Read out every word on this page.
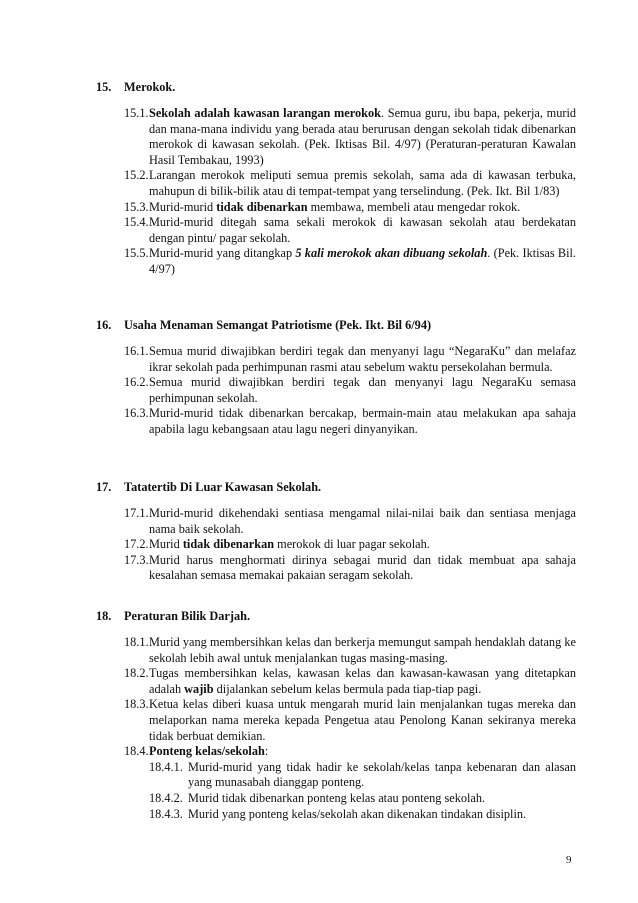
15. Merokok.
15.1. Sekolah adalah kawasan larangan merokok. Semua guru, ibu bapa, pekerja, murid dan mana-mana individu yang berada atau berurusan dengan sekolah tidak dibenarkan merokok di kawasan sekolah. (Pek. Iktisas Bil. 4/97) (Peraturan-peraturan Kawalan Hasil Tembakau, 1993)
15.2. Larangan merokok meliputi semua premis sekolah, sama ada di kawasan terbuka, mahupun di bilik-bilik atau di tempat-tempat yang terselindung. (Pek. Ikt. Bil 1/83)
15.3. Murid-murid tidak dibenarkan membawa, membeli atau mengedar rokok.
15.4. Murid-murid ditegah sama sekali merokok di kawasan sekolah atau berdekatan dengan pintu/ pagar sekolah.
15.5. Murid-murid yang ditangkap 5 kali merokok akan dibuang sekolah. (Pek. Iktisas Bil. 4/97)
16. Usaha Menaman Semangat Patriotisme (Pek. Ikt. Bil 6/94)
16.1. Semua murid diwajibkan berdiri tegak dan menyanyi lagu “NegaraKu” dan melafaz ikrar sekolah pada perhimpunan rasmi atau sebelum waktu persekolahan bermula.
16.2. Semua murid diwajibkan berdiri tegak dan menyanyi lagu NegaraKu semasa perhimpunan sekolah.
16.3. Murid-murid tidak dibenarkan bercakap, bermain-main atau melakukan apa sahaja apabila lagu kebangsaan atau lagu negeri dinyanyikan.
17. Tatatertib Di Luar Kawasan Sekolah.
17.1. Murid-murid dikehendaki sentiasa mengamal nilai-nilai baik dan sentiasa menjaga nama baik sekolah.
17.2. Murid tidak dibenarkan merokok di luar pagar sekolah.
17.3. Murid harus menghormati dirinya sebagai murid dan tidak membuat apa sahaja kesalahan semasa memakai pakaian seragam sekolah.
18. Peraturan Bilik Darjah.
18.1. Murid yang membersihkan kelas dan berkerja memungut sampah hendaklah datang ke sekolah lebih awal untuk menjalankan tugas masing-masing.
18.2. Tugas membersihkan kelas, kawasan kelas dan kawasan-kawasan yang ditetapkan adalah wajib dijalankan sebelum kelas bermula pada tiap-tiap pagi.
18.3. Ketua kelas diberi kuasa untuk mengarah murid lain menjalankan tugas mereka dan melaporkan nama mereka kepada Pengetua atau Penolong Kanan sekiranya mereka tidak berbuat demikian.
18.4. Ponteng kelas/sekolah:
18.4.1. Murid-murid yang tidak hadir ke sekolah/kelas tanpa kebenaran dan alasan yang munasabah dianggap ponteng.
18.4.2. Murid tidak dibenarkan ponteng kelas atau ponteng sekolah.
18.4.3. Murid yang ponteng kelas/sekolah akan dikenakan tindakan disiplin.
9
